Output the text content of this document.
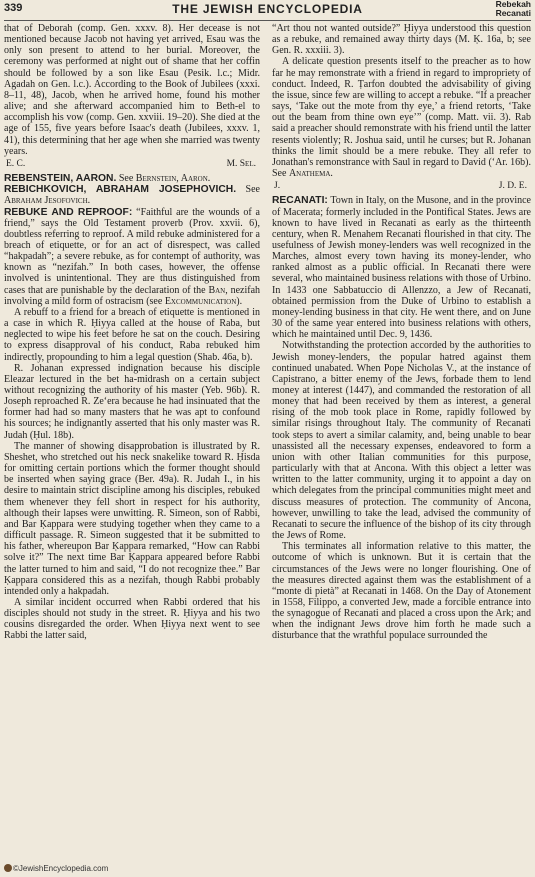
339	THE JEWISH ENCYCLOPEDIA	Rebekah
Recanati

that of Deborah (comp. Gen. xxxv. 8). Her decease is not mentioned because Jacob not having yet arrived, Esau was the only son present to attend to her burial. Moreover, the ceremony was performed at night out of shame that her coffin should be followed by a son like Esau (Pesik. l.c.; Midr. Agadah on Gen. l.c.). According to the Book of Jubilees (xxxi. 8–11, 48), Jacob, when he arrived home, found his mother alive; and she afterward accompanied him to Beth-el to accomplish his vow (comp. Gen. xxviii. 19–20). She died at the age of 155, five years before Isaac's death (Jubilees, xxxv. 1, 41), this determining that her age when she married was twenty years.

E. C.	M. Sel.

REBENSTEIN, AARON. See Bernstein, Aaron.

REBICHKOVICH, ABRAHAM JOSEPHOVICH. See Abraham Jesofovich.

REBUKE AND REPROOF: “Faithful are the wounds of a friend,” says the Old Testament proverb (Prov. xxvii. 6), doubtless referring to reproof. A mild rebuke administered for a breach of etiquette, or for an act of disrespect, was called “hakpadah”; a severe rebuke, as for contempt of authority, was known as “nezifah.” In both cases, however, the offense involved is unintentional. They are thus distinguished from cases that are punishable by the declaration of the Ban, nezifah involving a mild form of ostracism (see Excommunication).

A rebuff to a friend for a breach of etiquette is mentioned in a case in which R. Ḥiyya called at the house of Raba, but neglected to wipe his feet before he sat on the couch. Desiring to express disapproval of his conduct, Raba rebuked him indirectly, propounding to him a legal question (Shab. 46a, b).

R. Johanan expressed indignation because his disciple Eleazar lectured in the bet ha-midrash on a certain subject without recognizing the authority of his master (Yeb. 96b). R. Joseph reproached R. Zeʻera because he had insinuated that the former had had so many masters that he was apt to confound his sources; he indignantly asserted that his only master was R. Judah (Ḥul. 18b).

The manner of showing disapprobation is illustrated by R. Sheshet, who stretched out his neck snakelike toward R. Ḥisda for omitting certain portions which the former thought should be inserted when saying grace (Ber. 49a). R. Judah I., in his desire to maintain strict discipline among his disciples, rebuked them whenever they fell short in respect for his authority, although their lapses were unwitting. R. Simeon, son of Rabbi, and Bar Ḳappara were studying together when they came to a difficult passage. R. Simeon suggested that it be submitted to his father, whereupon Bar Ḳappara remarked, “How can Rabbi solve it?” The next time Bar Ḳappara appeared before Rabbi the latter turned to him and said, “I do not recognize thee.” Bar Ḳappara considered this as a nezifah, though Rabbi probably intended only a hakpadah.

A similar incident occurred when Rabbi ordered that his disciples should not study in the street. R. Ḥiyya and his two cousins disregarded the order. When Ḥiyya next went to see Rabbi the latter said,

“Art thou not wanted outside?” Ḥiyya understood this question as a rebuke, and remained away thirty days (M. Ḳ. 16a, b; see Gen. R. xxxiii. 3).

A delicate question presents itself to the preacher as to how far he may remonstrate with a friend in regard to impropriety of conduct. Indeed, R. Ṭarfon doubted the advisability of giving the issue, since few are willing to accept a rebuke. “If a preacher says, ‘Take out the mote from thy eye,’ a friend retorts, ‘Take out the beam from thine own eye’” (comp. Matt. vii. 3). Rab said a preacher should remonstrate with his friend until the latter resents violently; R. Joshua said, until he curses; but R. Johanan thinks the limit should be a mere rebuke. They all refer to Jonathan's remonstrance with Saul in regard to David (ʻAr. 16b). See Anathema.

J.	J. D. E.

RECANATI: Town in Italy, on the Musone, and in the province of Macerata; formerly included in the Pontifical States. Jews are known to have lived in Recanati as early as the thirteenth century, when R. Menahem Recanati flourished in that city. The usefulness of Jewish money-lenders was well recognized in the Marches, almost every town having its money-lender, who ranked almost as a public official. In Recanati there were several, who maintained business relations with those of Urbino. In 1433 one Sabbatuccio di Allenzzo, a Jew of Recanati, obtained permission from the Duke of Urbino to establish a money-lending business in that city. He went there, and on June 30 of the same year entered into business relations with others, which he maintained until Dec. 9, 1436.

Notwithstanding the protection accorded by the authorities to Jewish money-lenders, the popular hatred against them continued unabated. When Pope Nicholas V., at the instance of Capistrano, a bitter enemy of the Jews, forbade them to lend money at interest (1447), and commanded the restoration of all money that had been received by them as interest, a general rising of the mob took place in Rome, rapidly followed by similar risings throughout Italy. The community of Recanati took steps to avert a similar calamity, and, being unable to bear unassisted all the necessary expenses, endeavored to form a union with other Italian communities for this purpose, particularly with that at Ancona. With this object a letter was written to the latter community, urging it to appoint a day on which delegates from the principal communities might meet and discuss measures of protection. The community of Ancona, however, unwilling to take the lead, advised the community of Recanati to secure the influence of the bishop of its city through the Jews of Rome.

This terminates all information relative to this matter, the outcome of which is unknown. But it is certain that the circumstances of the Jews were no longer flourishing. One of the measures directed against them was the establishment of a “monte di pietà” at Recanati in 1468. On the Day of Atonement in 1558, Filippo, a converted Jew, made a forcible entrance into the synagogue of Recanati and placed a cross upon the Ark; and when the indignant Jews drove him forth he made such a disturbance that the wrathful populace surrounded the

©JewishEncyclopedia.com
